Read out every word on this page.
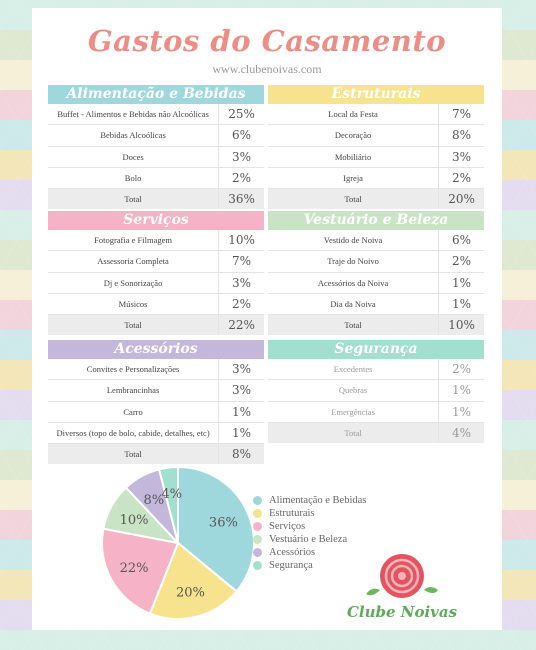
Gastos do Casamento
www.clubenoivas.com
Alimentação e Bebidas
Buffet - Alimentos e Bebidas não Alcoólicas	25%
Bebidas Alcoólicas	6%
Doces	3%
Bolo	2%
Total	36%
Estruturais
Local da Festa	7%
Decoração	8%
Mobiliário	3%
Igreja	2%
Total	20%
Serviços
Fotografia e Filmagem	10%
Assessoria Completa	7%
Dj e Sonorização	3%
Músicos	2%
Total	22%
Vestuário e Beleza
Vestido de Noiva	6%
Traje do Noivo	2%
Acessórios da Noiva	1%
Dia da Noiva	1%
Total	10%
Acessórios
Convites e Personalizações	3%
Lembrancinhas	3%
Carro	1%
Diversos (topo de bolo, cabide, detalhes, etc)	1%
Total	8%
Segurança
Excedentes	2%
Quebras	1%
Emergências	1%
Total	4%
36%
20%
22%
10%
8%
4%	Alimentação e Bebidas
Estruturais
Serviços
Vestuário e Beleza
Acessórios
Segurança
Clube Noivas
